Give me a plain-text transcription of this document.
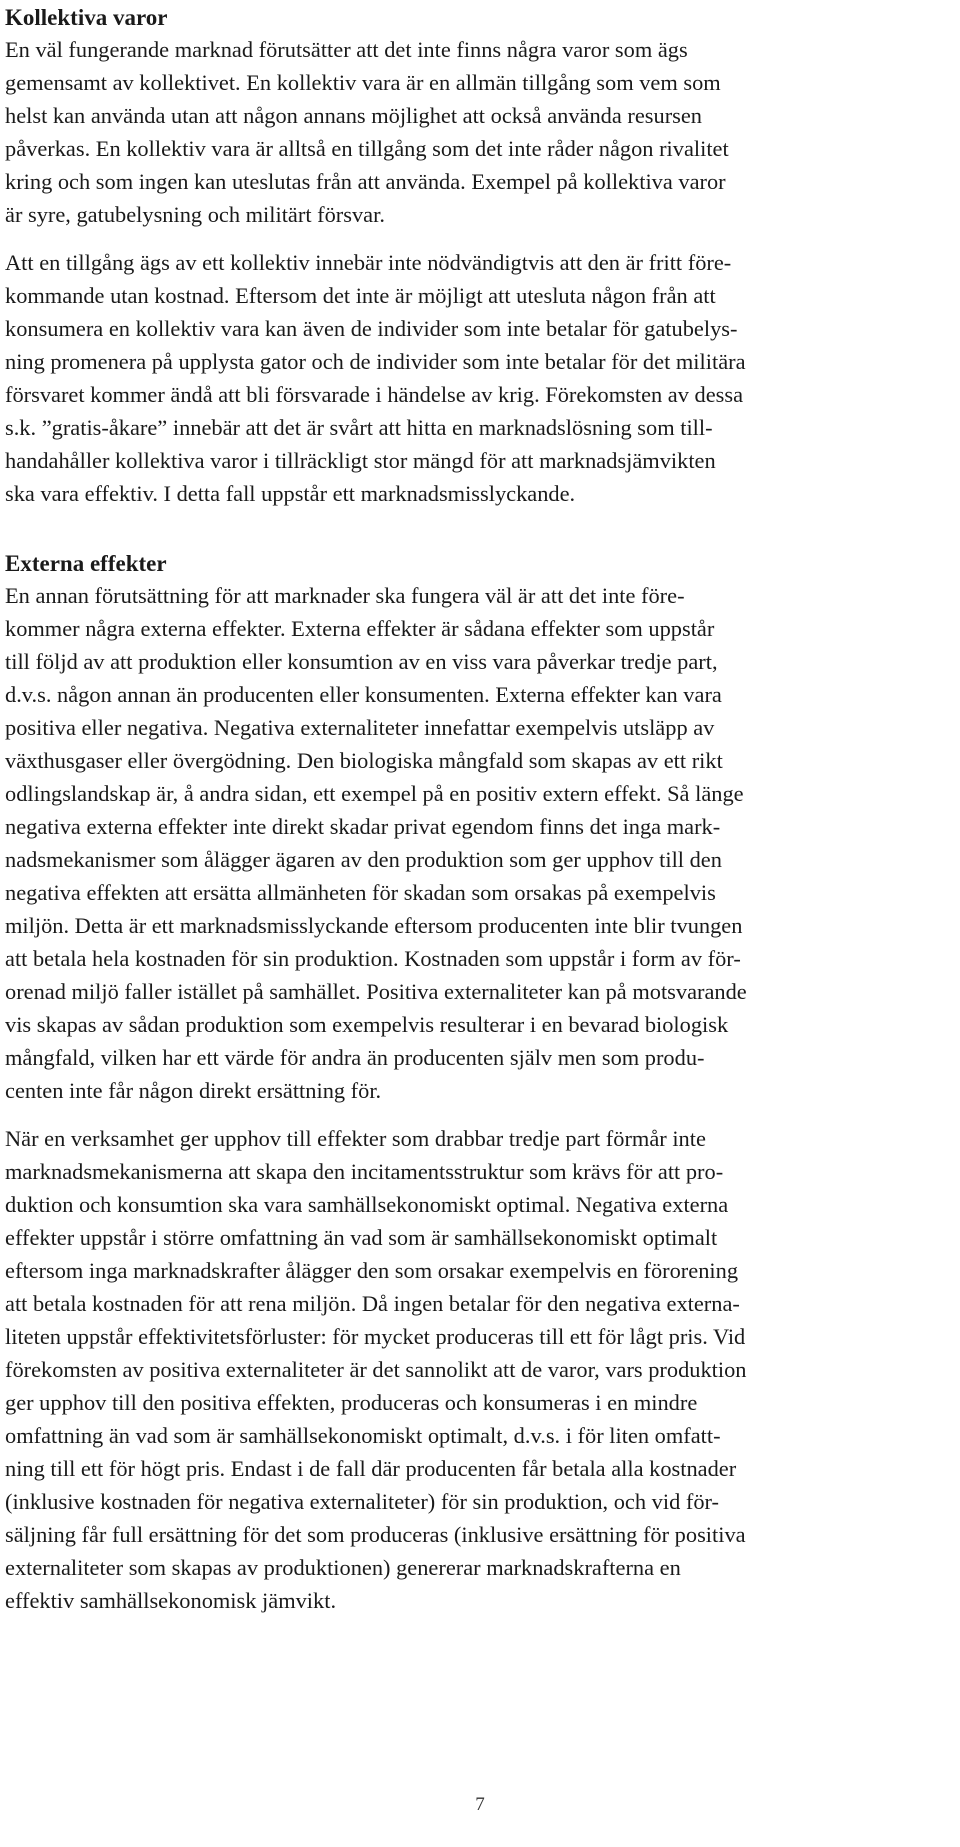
Kollektiva varor

En väl fungerande marknad förutsätter att det inte finns några varor som ägs
gemensamt av kollektivet. En kollektiv vara är en allmän tillgång som vem som
helst kan använda utan att någon annans möjlighet att också använda resursen
påverkas. En kollektiv vara är alltså en tillgång som det inte råder någon rivalitet
kring och som ingen kan uteslutas från att använda. Exempel på kollektiva varor
är syre, gatubelysning och militärt försvar.

Att en tillgång ägs av ett kollektiv innebär inte nödvändigtvis att den är fritt före-
kommande utan kostnad. Eftersom det inte är möjligt att utesluta någon från att
konsumera en kollektiv vara kan även de individer som inte betalar för gatubelys-
ning promenera på upplysta gator och de individer som inte betalar för det militära
försvaret kommer ändå att bli försvarade i händelse av krig. Förekomsten av dessa
s.k. ”gratis-åkare” innebär att det är svårt att hitta en marknadslösning som till-
handahåller kollektiva varor i tillräckligt stor mängd för att marknadsjämvikten
ska vara effektiv. I detta fall uppstår ett marknadsmisslyckande.

Externa effekter

En annan förutsättning för att marknader ska fungera väl är att det inte före-
kommer några externa effekter. Externa effekter är sådana effekter som uppstår
till följd av att produktion eller konsumtion av en viss vara påverkar tredje part,
d.v.s. någon annan än producenten eller konsumenten. Externa effekter kan vara
positiva eller negativa. Negativa externaliteter innefattar exempelvis utsläpp av
växthusgaser eller övergödning. Den biologiska mångfald som skapas av ett rikt
odlingslandskap är, å andra sidan, ett exempel på en positiv extern effekt. Så länge
negativa externa effekter inte direkt skadar privat egendom finns det inga mark-
nadsmekanismer som ålägger ägaren av den produktion som ger upphov till den
negativa effekten att ersätta allmänheten för skadan som orsakas på exempelvis
miljön. Detta är ett marknadsmisslyckande eftersom producenten inte blir tvungen
att betala hela kostnaden för sin produktion. Kostnaden som uppstår i form av för-
orenad miljö faller istället på samhället. Positiva externaliteter kan på motsvarande
vis skapas av sådan produktion som exempelvis resulterar i en bevarad biologisk
mångfald, vilken har ett värde för andra än producenten själv men som produ-
centen inte får någon direkt ersättning för.

När en verksamhet ger upphov till effekter som drabbar tredje part förmår inte
marknadsmekanismerna att skapa den incitamentsstruktur som krävs för att pro-
duktion och konsumtion ska vara samhällsekonomiskt optimal. Negativa externa
effekter uppstår i större omfattning än vad som är samhällsekonomiskt optimalt
eftersom inga marknadskrafter ålägger den som orsakar exempelvis en förorening
att betala kostnaden för att rena miljön. Då ingen betalar för den negativa externa-
liteten uppstår effektivitetsförluster: för mycket produceras till ett för lågt pris. Vid
förekomsten av positiva externaliteter är det sannolikt att de varor, vars produktion
ger upphov till den positiva effekten, produceras och konsumeras i en mindre
omfattning än vad som är samhällsekonomiskt optimalt, d.v.s. i för liten omfatt-
ning till ett för högt pris. Endast i de fall där producenten får betala alla kostnader
(inklusive kostnaden för negativa externaliteter) för sin produktion, och vid för-
säljning får full ersättning för det som produceras (inklusive ersättning för positiva
externaliteter som skapas av produktionen) genererar marknadskrafterna en
effektiv samhällsekonomisk jämvikt.

7
